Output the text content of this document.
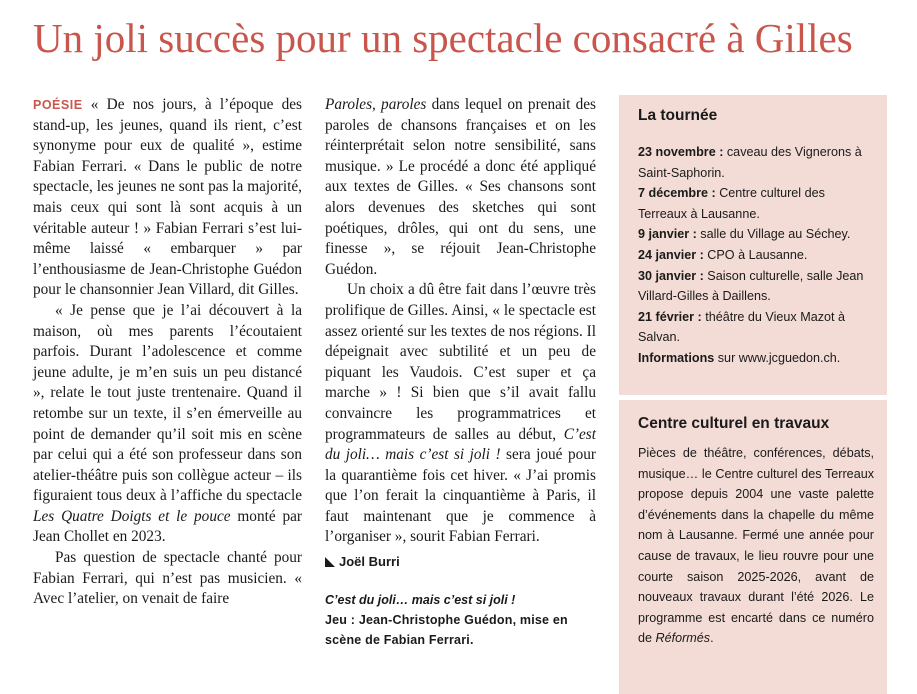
Un joli succès pour un spectacle consacré à Gilles

POÉSIE « De nos jours, à l’époque des stand-up, les jeunes, quand ils rient, c’est synonyme pour eux de qualité », estime Fabian Ferrari. « Dans le public de notre spectacle, les jeunes ne sont pas la majorité, mais ceux qui sont là sont acquis à un véritable auteur ! » Fabian Ferrari s’est lui-même laissé « embarquer » par l’enthousiasme de Jean-Christophe Guédon pour le chansonnier Jean Villard, dit Gilles.

« Je pense que je l’ai découvert à la maison, où mes parents l’écoutaient parfois. Durant l’adolescence et comme jeune adulte, je m’en suis un peu distancé », relate le tout juste trentenaire. Quand il retombe sur un texte, il s’en émerveille au point de demander qu’il soit mis en scène par celui qui a été son professeur dans son atelier-théâtre puis son collègue acteur – ils figuraient tous deux à l’affiche du spectacle Les Quatre Doigts et le pouce monté par Jean Chollet en 2023.

Pas question de spectacle chanté pour Fabian Ferrari, qui n’est pas musicien. « Avec l’atelier, on venait de faire

Paroles, paroles dans lequel on prenait des paroles de chansons françaises et on les réinterprétait selon notre sensibilité, sans musique. » Le procédé a donc été appliqué aux textes de Gilles. « Ses chansons sont alors devenues des sketches qui sont poétiques, drôles, qui ont du sens, une finesse », se réjouit Jean-Christophe Guédon.

Un choix a dû être fait dans l’œuvre très prolifique de Gilles. Ainsi, « le spectacle est assez orienté sur les textes de nos régions. Il dépeignait avec subtilité et un peu de piquant les Vaudois. C’est super et ça marche » ! Si bien que s’il avait fallu convaincre les programmatrices et programmateurs de salles au début, C’est du joli… mais c’est si joli ! sera joué pour la quarantième fois cet hiver. « J’ai promis que l’on ferait la cinquantième à Paris, il faut maintenant que je commence à l’organiser », sourit Fabian Ferrari.

Joël Burri

C’est du joli… mais c’est si joli !

Jeu : Jean-Christophe Guédon, mise en scène de Fabian Ferrari.

La tournée

23 novembre : caveau des Vignerons à Saint-Saphorin.

7 décembre : Centre culturel des Terreaux à Lausanne.

9 janvier : salle du Village au Séchey.

24 janvier : CPO à Lausanne.

30 janvier : Saison culturelle, salle Jean Villard-Gilles à Daillens.

21 février : théâtre du Vieux Mazot à Salvan.

Informations sur www.jcguedon.ch.

Centre culturel en travaux

Pièces de théâtre, conférences, débats, musique… le Centre culturel des Terreaux propose depuis 2004 une vaste palette d’événements dans la chapelle du même nom à Lausanne. Fermé une année pour cause de travaux, le lieu rouvre pour une courte saison 2025-2026, avant de nouveaux travaux durant l’été 2026. Le programme est encarté dans ce numéro de Réformés.
